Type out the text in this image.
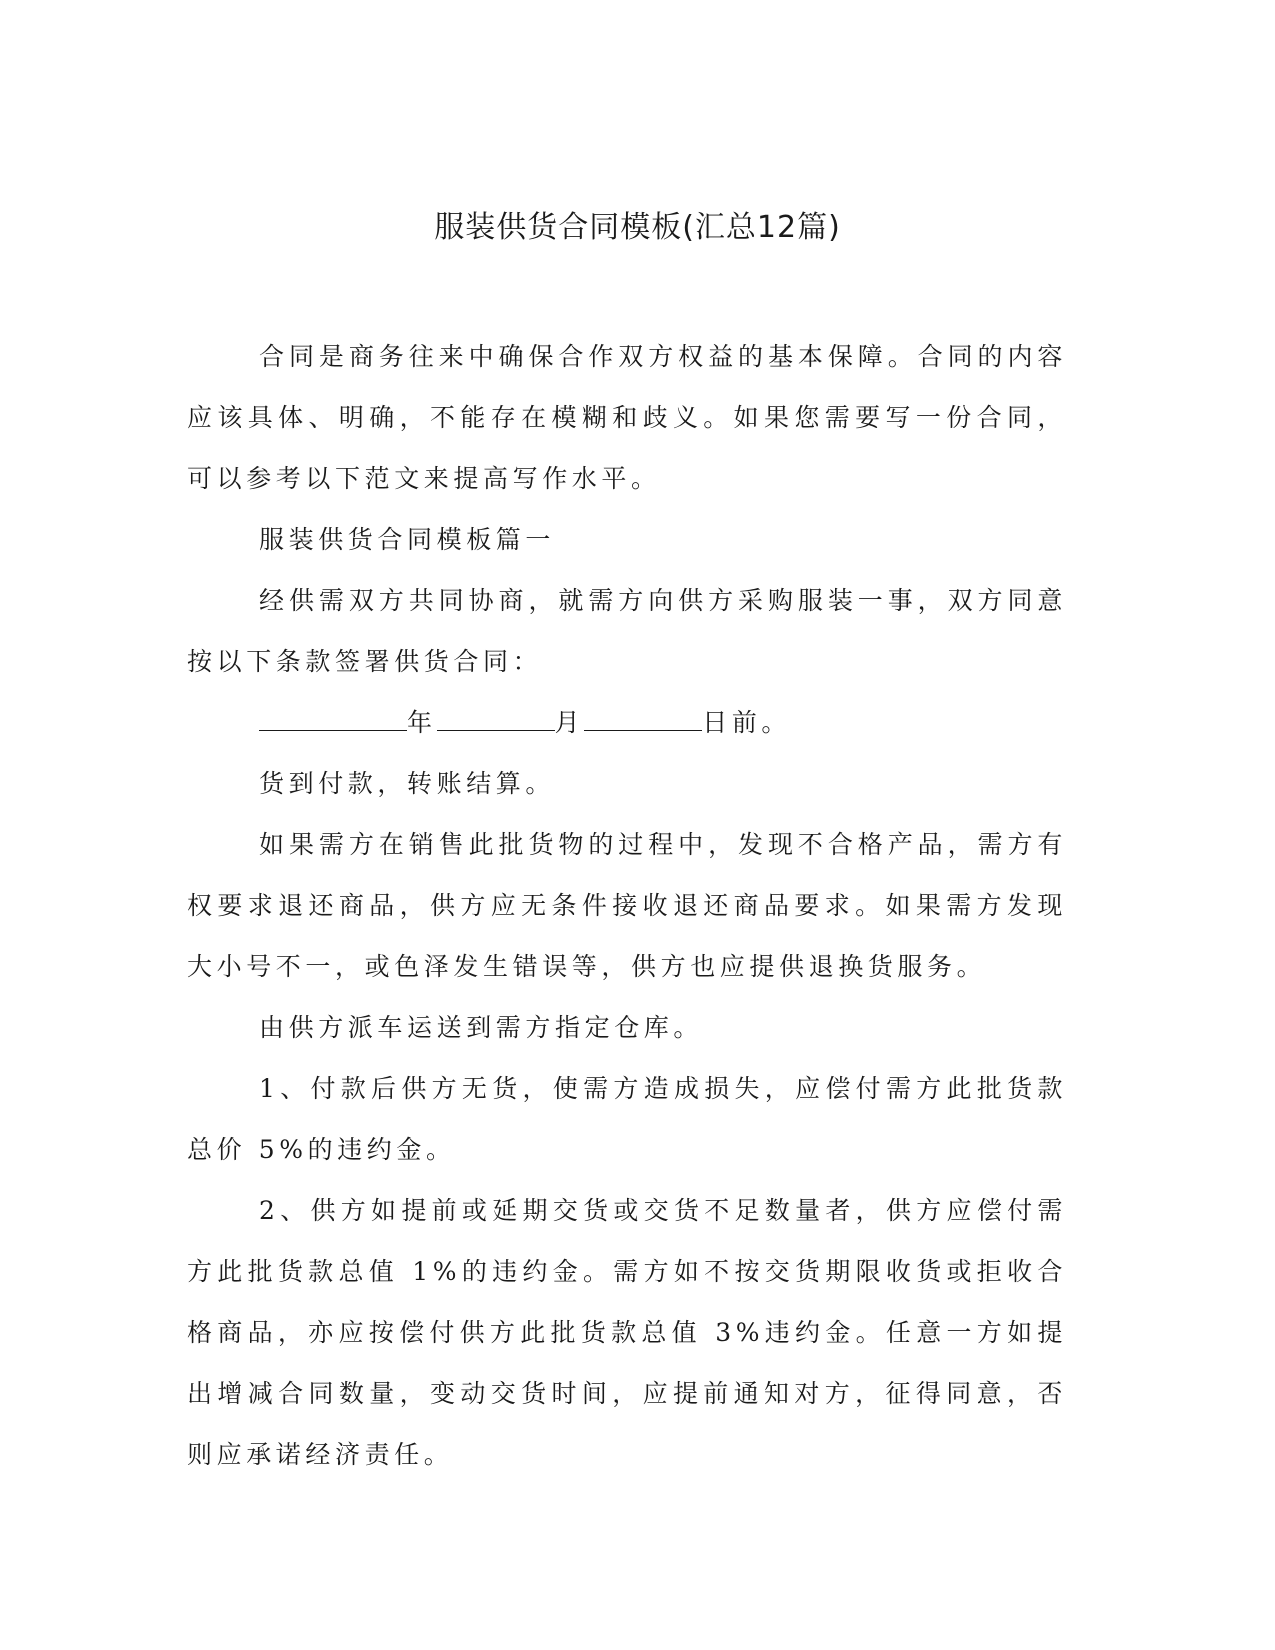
服装供货合同模板(汇总12篇)

合同是商务往来中确保合作双方权益的基本保障。合同的内容应该具体、明确，不能存在模糊和歧义。如果您需要写一份合同，可以参考以下范文来提高写作水平。

服装供货合同模板篇一

经供需双方共同协商，就需方向供方采购服装一事，双方同意按以下条款签署供货合同：

年	月	日前。

货到付款，转账结算。

如果需方在销售此批货物的过程中，发现不合格产品，需方有权要求退还商品，供方应无条件接收退还商品要求。如果需方发现大小号不一，或色泽发生错误等，供方也应提供退换货服务。

由供方派车运送到需方指定仓库。

1、付款后供方无货，使需方造成损失，应偿付需方此批货款总价 5%的违约金。

2、供方如提前或延期交货或交货不足数量者，供方应偿付需方此批货款总值 1%的违约金。需方如不按交货期限收货或拒收合格商品，亦应按偿付供方此批货款总值 3%违约金。任意一方如提出增减合同数量，变动交货时间，应提前通知对方，征得同意，否则应承诺经济责任。
